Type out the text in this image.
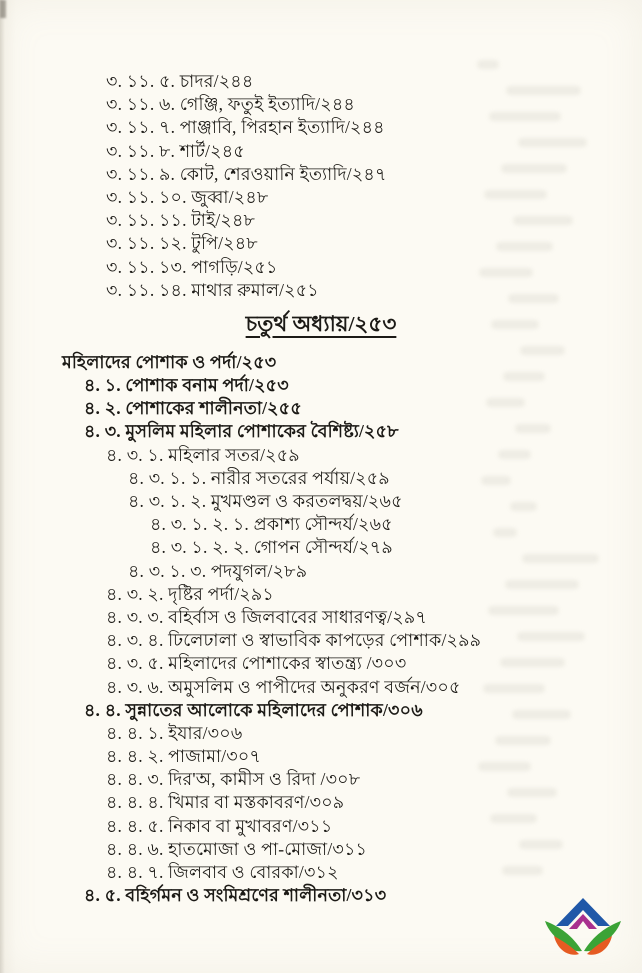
৩. ১১. ৫. চাদর/২৪৪
৩. ১১. ৬. গেঞ্জি, ফতুই ইত্যাদি/২৪৪
৩. ১১. ৭. পাঞ্জাবি, পিরহান ইত্যাদি/২৪৪
৩. ১১. ৮. শার্ট/২৪৫
৩. ১১. ৯. কোট, শেরওয়ানি ইত্যাদি/২৪৭
৩. ১১. ১০. জুব্বা/২৪৮
৩. ১১. ১১. টাই/২৪৮
৩. ১১. ১২. টুপি/২৪৮
৩. ১১. ১৩. পাগড়ি/২৫১
৩. ১১. ১৪. মাথার রুমাল/২৫১
চতুর্থ অধ্যায়/২৫৩
মহিলাদের পোশাক ও পর্দা/২৫৩
৪. ১. পোশাক বনাম পর্দা/২৫৩
৪. ২. পোশাকের শালীনতা/২৫৫
৪. ৩. মুসলিম মহিলার পোশাকের বৈশিষ্ট্য/২৫৮
৪. ৩. ১. মহিলার সতর/২৫৯
৪. ৩. ১. ১. নারীর সতরের পর্যায়/২৫৯
৪. ৩. ১. ২. মুখমণ্ডল ও করতলদ্বয়/২৬৫
৪. ৩. ১. ২. ১. প্রকাশ্য সৌন্দর্য/২৬৫
৪. ৩. ১. ২. ২. গোপন সৌন্দর্য/২৭৯
৪. ৩. ১. ৩. পদযুগল/২৮৯
৪. ৩. ২. দৃষ্টির পর্দা/২৯১
৪. ৩. ৩. বহির্বাস ও জিলবাবের সাধারণত্ব/২৯৭
৪. ৩. ৪. ঢিলেঢালা ও স্বাভাবিক কাপড়ের পোশাক/২৯৯
৪. ৩. ৫. মহিলাদের পোশাকের স্বাতন্ত্র্য /৩০৩
৪. ৩. ৬. অমুসলিম ও পাপীদের অনুকরণ বর্জন/৩০৫
৪. ৪. সুন্নাতের আলোকে মহিলাদের পোশাক/৩০৬
৪. ৪. ১. ইযার/৩০৬
৪. ৪. ২. পাজামা/৩০৭
৪. ৪. ৩. দির'অ, কামীস ও রিদা /৩০৮
৪. ৪. ৪. খিমার বা মস্তকাবরণ/৩০৯
৪. ৪. ৫. নিকাব বা মুখাবরণ/৩১১
৪. ৪. ৬. হাতমোজা ও পা-মোজা/৩১১
৪. ৪. ৭. জিলবাব ও বোরকা/৩১২
৪. ৫. বহির্গমন ও সংমিশ্রণের শালীনতা/৩১৩
